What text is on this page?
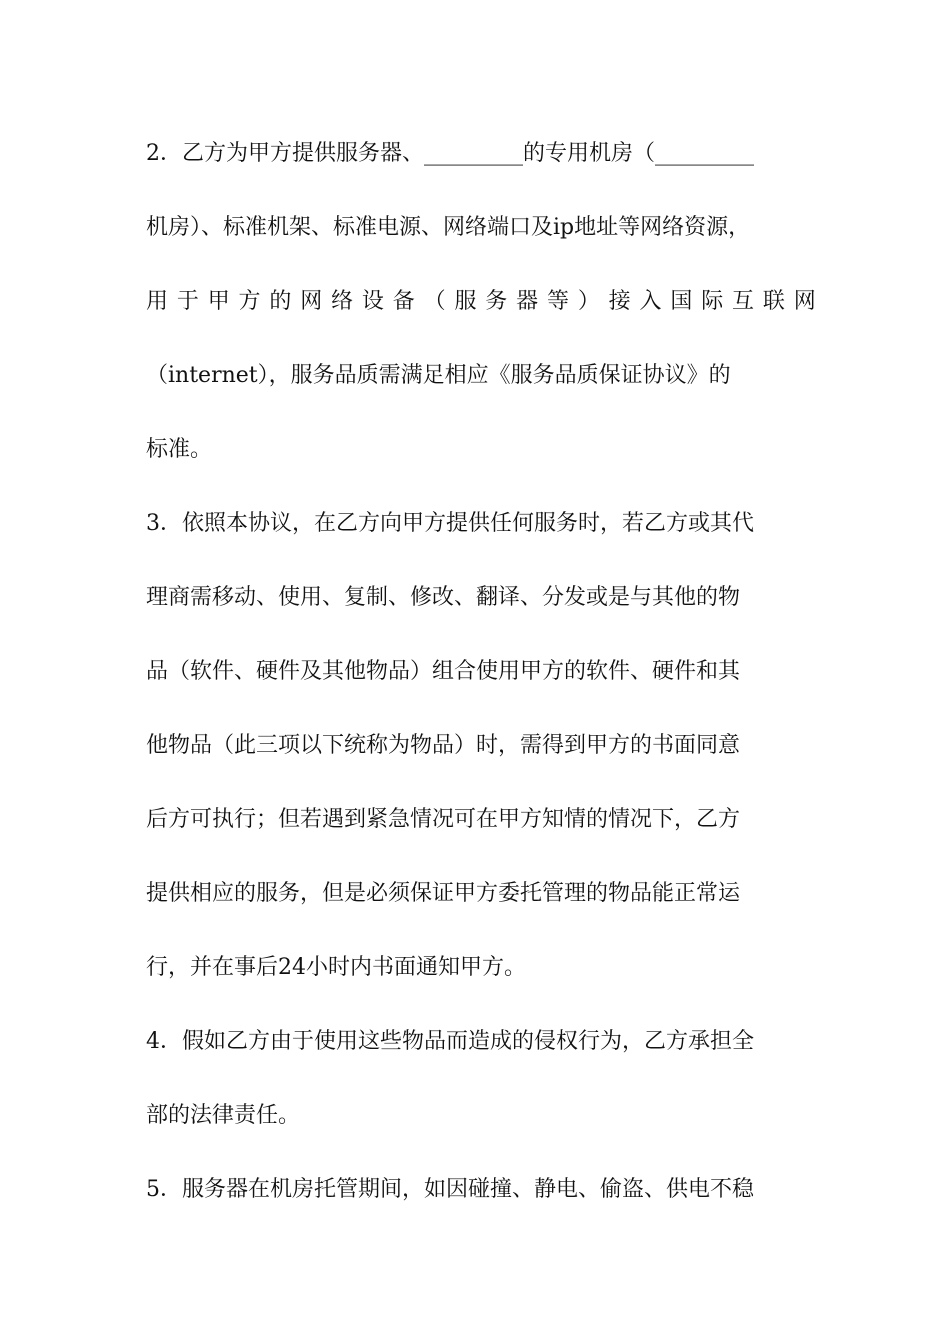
2．乙方为甲方提供服务器、_________的专用机房（_________
机房）、标准机架、标准电源、网络端口及ip地址等网络资源，
用 于 甲 方 的 网 络 设 备 （ 服 务 器 等 ） 接 入 国 际 互 联 网
（internet），服务品质需满足相应《服务品质保证协议》的
标准。
3．依照本协议，在乙方向甲方提供任何服务时，若乙方或其代
理商需移动、使用、复制、修改、翻译、分发或是与其他的物
品（软件、硬件及其他物品）组合使用甲方的软件、硬件和其
他物品（此三项以下统称为物品）时，需得到甲方的书面同意
后方可执行；但若遇到紧急情况可在甲方知情的情况下，乙方
提供相应的服务，但是必须保证甲方委托管理的物品能正常运
行，并在事后24小时内书面通知甲方。
4．假如乙方由于使用这些物品而造成的侵权行为，乙方承担全
部的法律责任。
5．服务器在机房托管期间，如因碰撞、静电、偷盗、供电不稳
